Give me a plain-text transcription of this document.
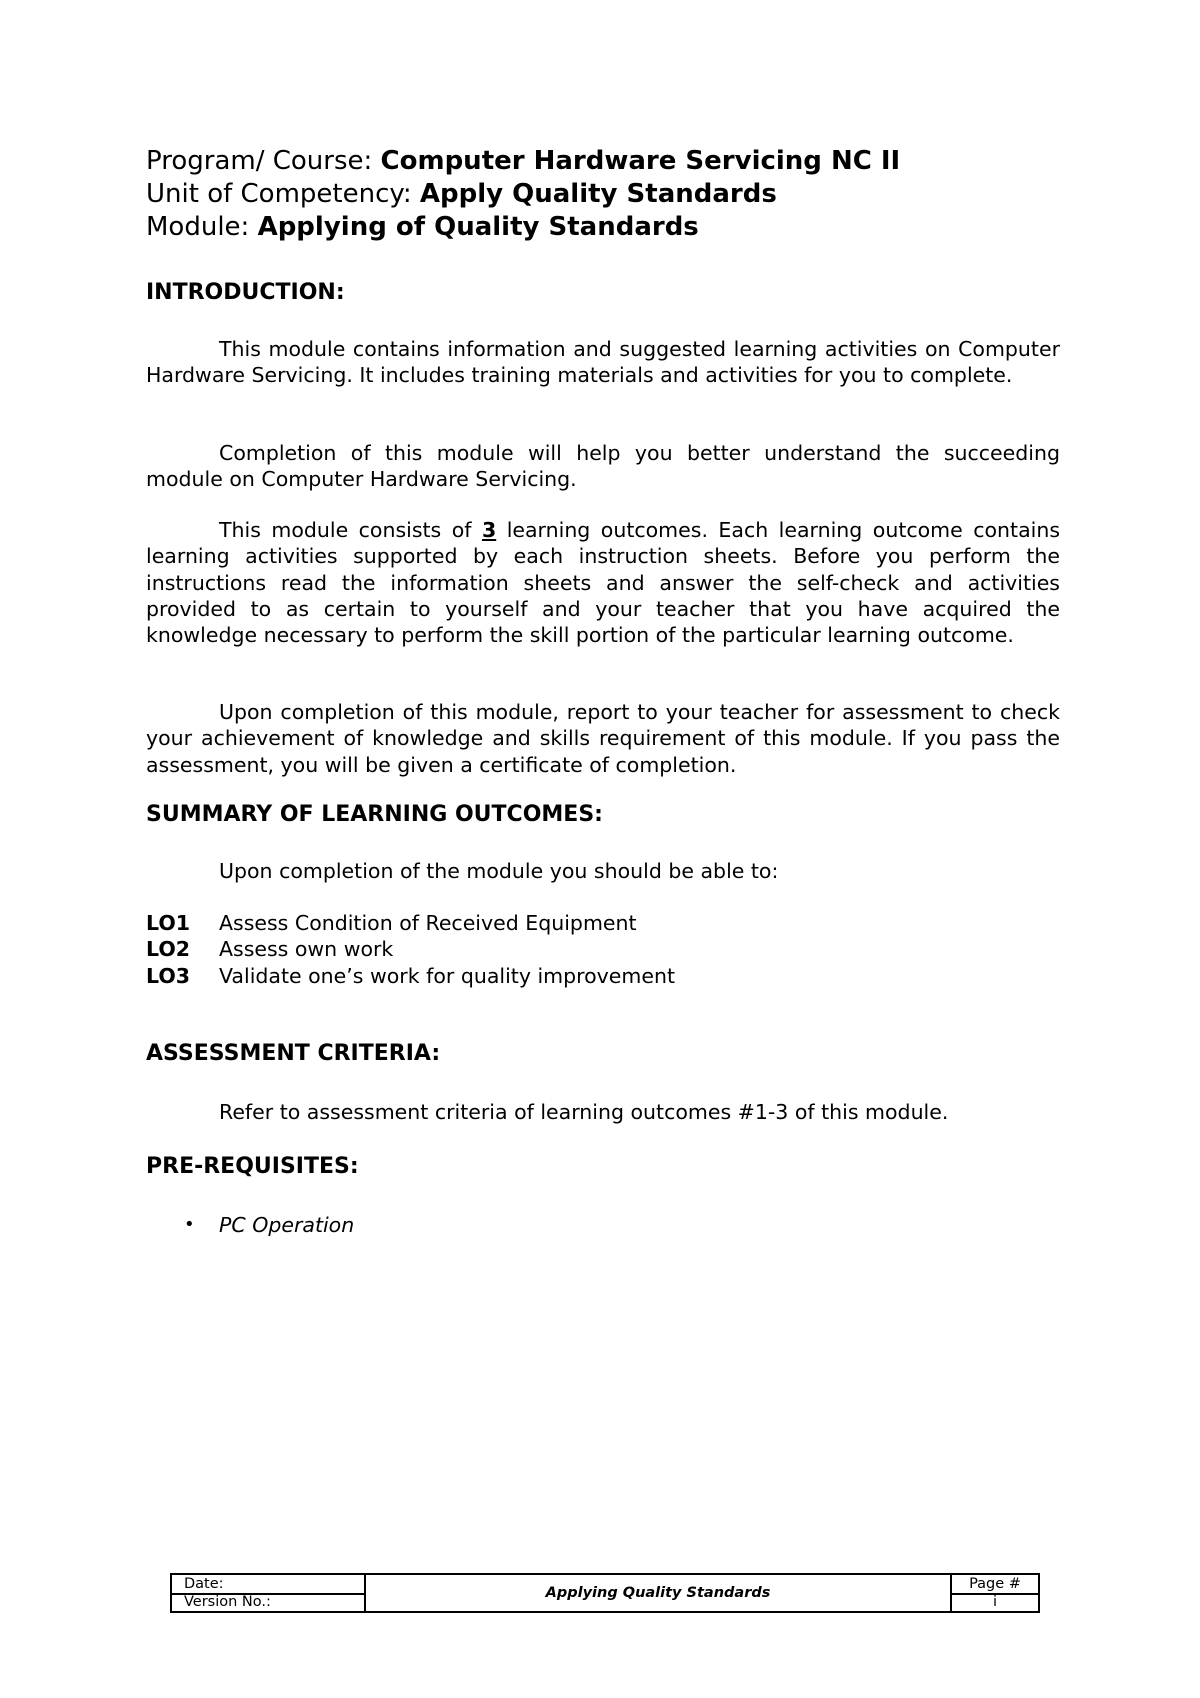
Program/ Course: Computer Hardware Servicing NC II
Unit of Competency: Apply Quality Standards
Module: Applying of Quality Standards
INTRODUCTION:
This module contains information and suggested learning activities on Computer Hardware Servicing. It includes training materials and activities for you to complete.
Completion of this module will help you better understand the succeeding module on Computer Hardware Servicing.
This module consists of 3 learning outcomes. Each learning outcome contains learning activities supported by each instruction sheets. Before you perform the instructions read the information sheets and answer the self-check and activities provided to as certain to yourself and your teacher that you have acquired the knowledge necessary to perform the skill portion of the particular learning outcome.
Upon completion of this module, report to your teacher for assessment to check your achievement of knowledge and skills requirement of this module. If you pass the assessment, you will be given a certificate of completion.
SUMMARY OF LEARNING OUTCOMES:
Upon completion of the module you should be able to:
LO1	Assess Condition of Received Equipment
LO2	Assess own work
LO3	Validate one’s work for quality improvement
ASSESSMENT CRITERIA:
Refer to assessment criteria of learning outcomes #1-3 of this module.
PRE-REQUISITES:
•	PC Operation
Date:
Version No.:
Applying Quality Standards
Page #
i
